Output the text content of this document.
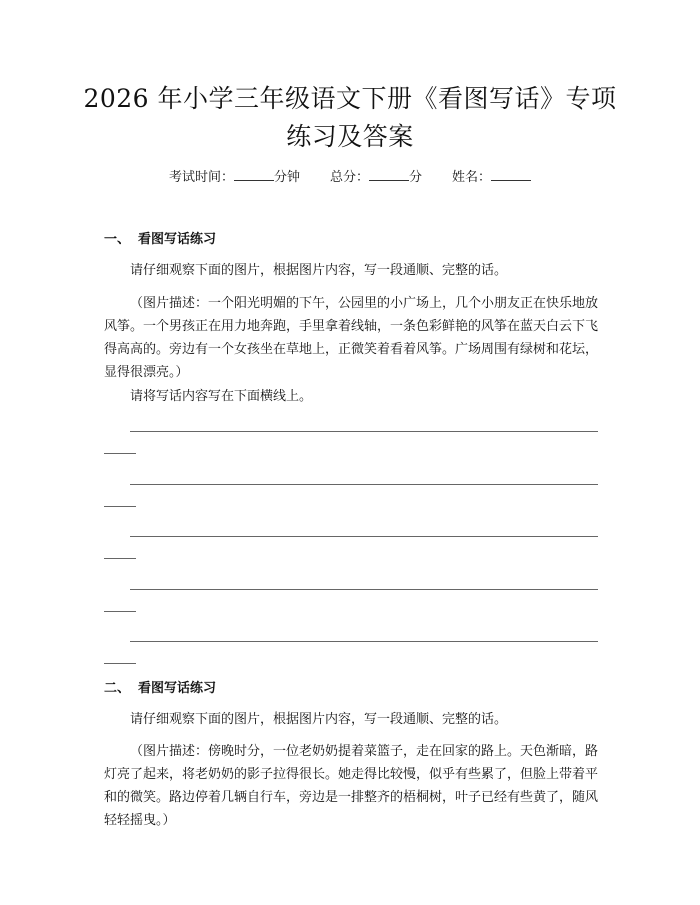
2026 年小学三年级语文下册《看图写话》专项练习及答案
考试时间：	分钟 总分：	分 姓名：
一、 看图写话练习

请仔细观察下面的图片，根据图片内容，写一段通顺、完整的话。

（图片描述：一个阳光明媚的下午，公园里的小广场上，几个小朋友正在快乐地放风筝。一个男孩正在用力地奔跑，手里拿着线轴，一条色彩鲜艳的风筝在蓝天白云下飞得高高的。旁边有一个女孩坐在草地上，正微笑着看着风筝。广场周围有绿树和花坛，显得很漂亮。）

请将写话内容写在下面横线上。

二、 看图写话练习

请仔细观察下面的图片，根据图片内容，写一段通顺、完整的话。

（图片描述：傍晚时分，一位老奶奶提着菜篮子，走在回家的路上。天色渐暗，路灯亮了起来，将老奶奶的影子拉得很长。她走得比较慢，似乎有些累了，但脸上带着平和的微笑。路边停着几辆自行车，旁边是一排整齐的梧桐树，叶子已经有些黄了，随风轻轻摇曳。）
